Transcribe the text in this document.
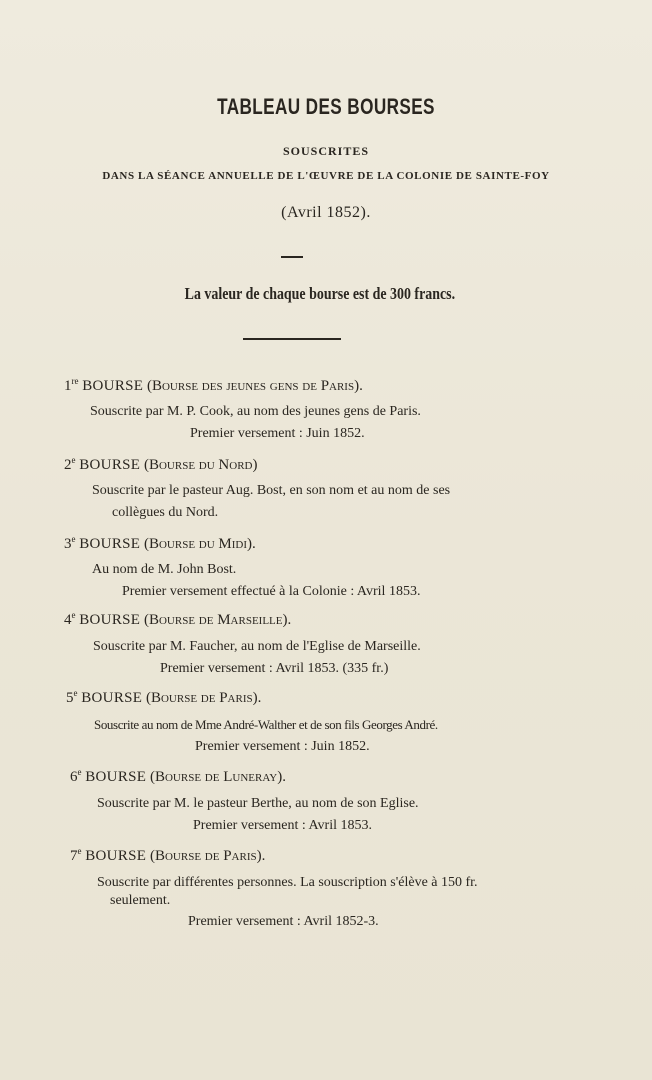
TABLEAU DES BOURSES
SOUSCRITES
DANS LA SÉANCE ANNUELLE DE L'ŒUVRE DE LA COLONIE DE SAINTE-FOY
(Avril 1852).
La valeur de chaque bourse est de 300 francs.
1re BOURSE (Bourse des jeunes gens de Paris).
Souscrite par M. P. Cook, au nom des jeunes gens de Paris.
Premier versement : Juin 1852.
2e BOURSE (Bourse du Nord)
Souscrite par le pasteur Aug. Bost, en son nom et au nom de ses
collègues du Nord.
3e BOURSE (Bourse du Midi).
Au nom de M. John Bost.
Premier versement effectué à la Colonie : Avril 1853.
4e BOURSE (Bourse de Marseille).
Souscrite par M. Faucher, au nom de l'Eglise de Marseille.
Premier versement : Avril 1853. (335 fr.)
5e BOURSE (Bourse de Paris).
Souscrite au nom de Mme André-Walther et de son fils Georges André.
Premier versement : Juin 1852.
6e BOURSE (Bourse de Luneray).
Souscrite par M. le pasteur Berthe, au nom de son Eglise.
Premier versement : Avril 1853.
7e BOURSE (Bourse de Paris).
Souscrite par différentes personnes. La souscription s'élève à 150 fr.
seulement.
Premier versement : Avril 1852-3.
